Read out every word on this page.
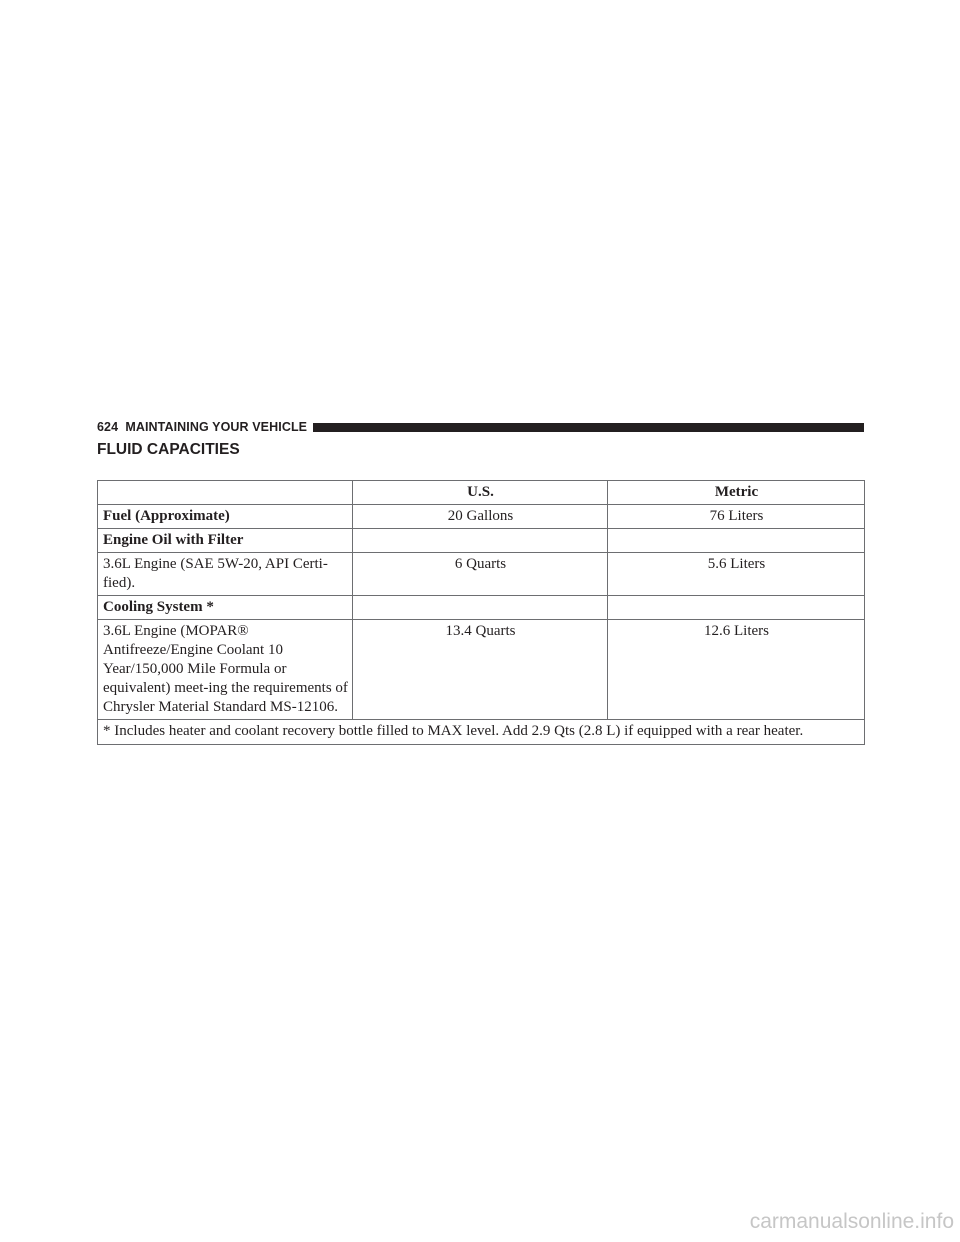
624 MAINTAINING YOUR VEHICLE
FLUID CAPACITIES
	U.S.	Metric
Fuel (Approximate)	20 Gallons	76 Liters
Engine Oil with Filter		
3.6L Engine (SAE 5W-20, API Certi-fied).	6 Quarts	5.6 Liters
Cooling System *		
3.6L Engine (MOPAR® Antifreeze/Engine Coolant 10 Year/150,000 Mile Formula or equivalent) meet-ing the requirements of Chrysler Material Standard MS-12106.	13.4 Quarts	12.6 Liters
* Includes heater and coolant recovery bottle filled to MAX level. Add 2.9 Qts (2.8 L) if equipped with a rear heater.		
carmanualsonline.info
